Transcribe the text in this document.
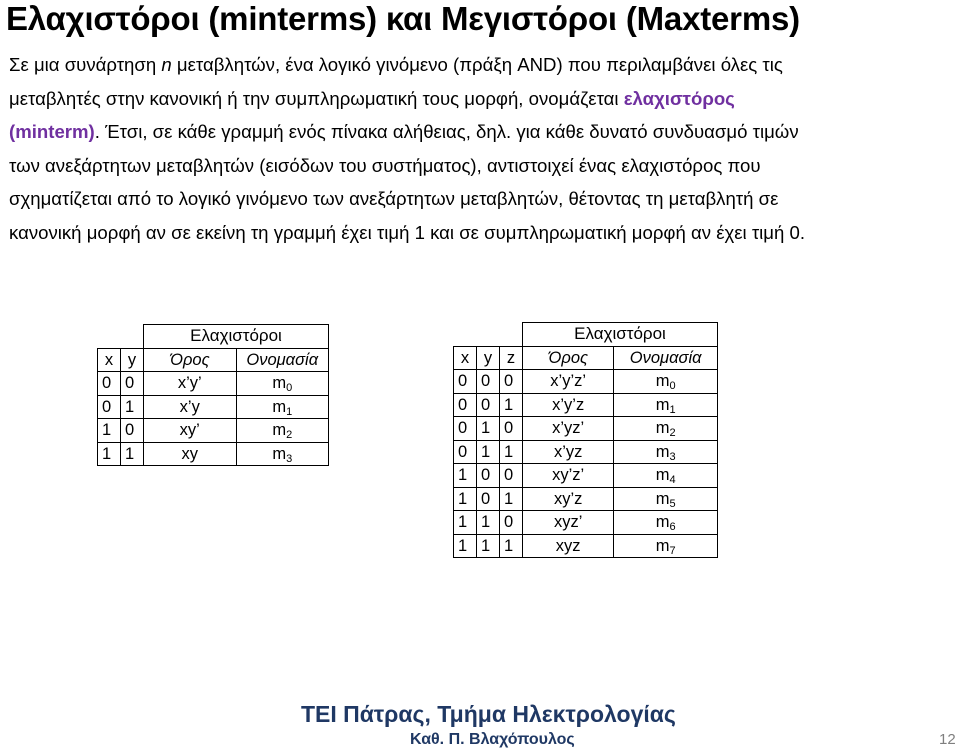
Ελαχιστόροι (minterms) και Μεγιστόροι (Maxterms)
Σε μια συνάρτηση n μεταβλητών, ένα λογικό γινόμενο (πράξη AND) που περιλαμβάνει όλες τις
μεταβλητές στην κανονική ή την συμπληρωματική τους μορφή, ονομάζεται ελαχιστόρος
(minterm). Έτσι, σε κάθε γραμμή ενός πίνακα αλήθειας, δηλ. για κάθε δυνατό συνδυασμό τιμών
των ανεξάρτητων μεταβλητών (εισόδων του συστήματος), αντιστοιχεί ένας ελαχιστόρος που
σχηματίζεται από το λογικό γινόμενο των ανεξάρτητων μεταβλητών, θέτοντας τη μεταβλητή σε
κανονική μορφή αν σε εκείνη τη γραμμή έχει τιμή 1 και σε συμπληρωματική μορφή αν έχει τιμή 0.
		Ελαχιστόροι	
x	y	Όρος	Ονομασία
0	0	x’y’	$m_0$
0	1	x’y	$m_1$
1	0	xy’	$m_2$
1	1	xy	$m_3$
			Ελαχιστόροι	
x	y	z	Όρος	Ονομασία
0	0	0	x’y’z’	$m_0$
0	0	1	x’y’z	$m_1$
0	1	0	x’yz’	$m_2$
0	1	1	x’yz	$m_3$
1	0	0	xy’z’	$m_4$
1	0	1	xy’z	$m_5$
1	1	0	xyz’	$m_6$
1	1	1	xyz	$m_7$
ΤΕΙ Πάτρας, Τμήμα Ηλεκτρολογίας
Καθ. Π. Βλαχόπουλος	12
